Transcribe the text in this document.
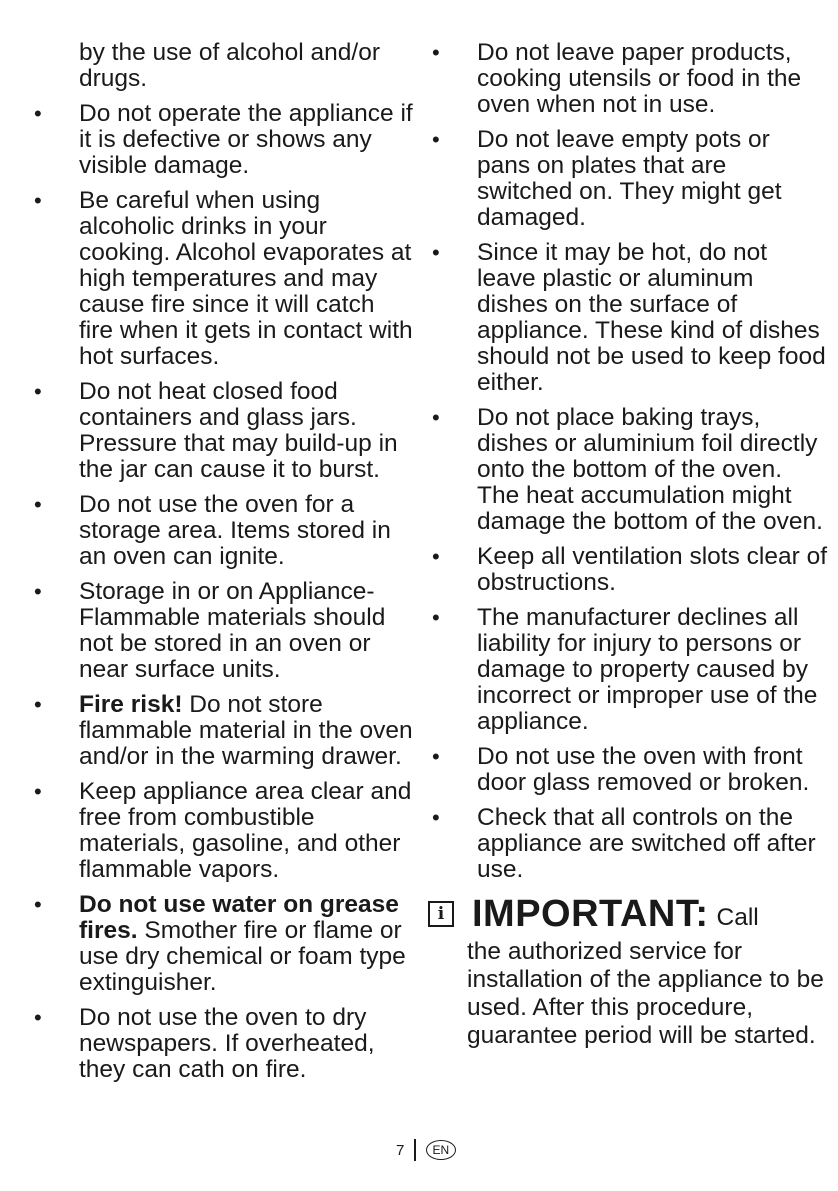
by the use of alcohol and/or drugs.
• Do not operate the appliance if it is defective or shows any visible damage.
• Be careful when using alcoholic drinks in your cooking. Alcohol evaporates at high temperatures and may cause fire since it will catch fire when it gets in contact with hot surfaces.
• Do not heat closed food containers and glass jars. Pressure that may build-up in the jar can cause it to burst.
• Do not use the oven for a storage area. Items stored in an oven can ignite.
• Storage in or on Appliance-Flammable materials should not be stored in an oven or near surface units.
• Fire risk! Do not store flammable material in the oven and/or in the warming drawer.
• Keep appliance area clear and free from combustible materials, gasoline, and other flammable vapors.
• Do not use water on grease fires. Smother fire or flame or use dry chemical or foam type extinguisher.
• Do not use the oven to dry newspapers. If overheated, they can cath on fire.
• Do not leave paper products, cooking utensils or food in the oven when not in use.
• Do not leave empty pots or pans on plates that are switched on. They might get damaged.
• Since it may be hot, do not leave plastic or aluminum dishes on the surface of appliance. These kind of dishes should not be used to keep food either.
• Do not place baking trays, dishes or aluminium foil directly onto the bottom of the oven. The heat accumulation might damage the bottom of the oven.
• Keep all ventilation slots clear of obstructions.
• The manufacturer declines all liability for injury to persons or damage to property caused by incorrect or improper use of the appliance.
• Do not use the oven with front door glass removed or broken.
• Check that all controls on the appliance are switched off after use.
i IMPORTANT: Call
the authorized service for installation of the appliance to be used. After this procedure, guarantee period will be started.
7	EN
